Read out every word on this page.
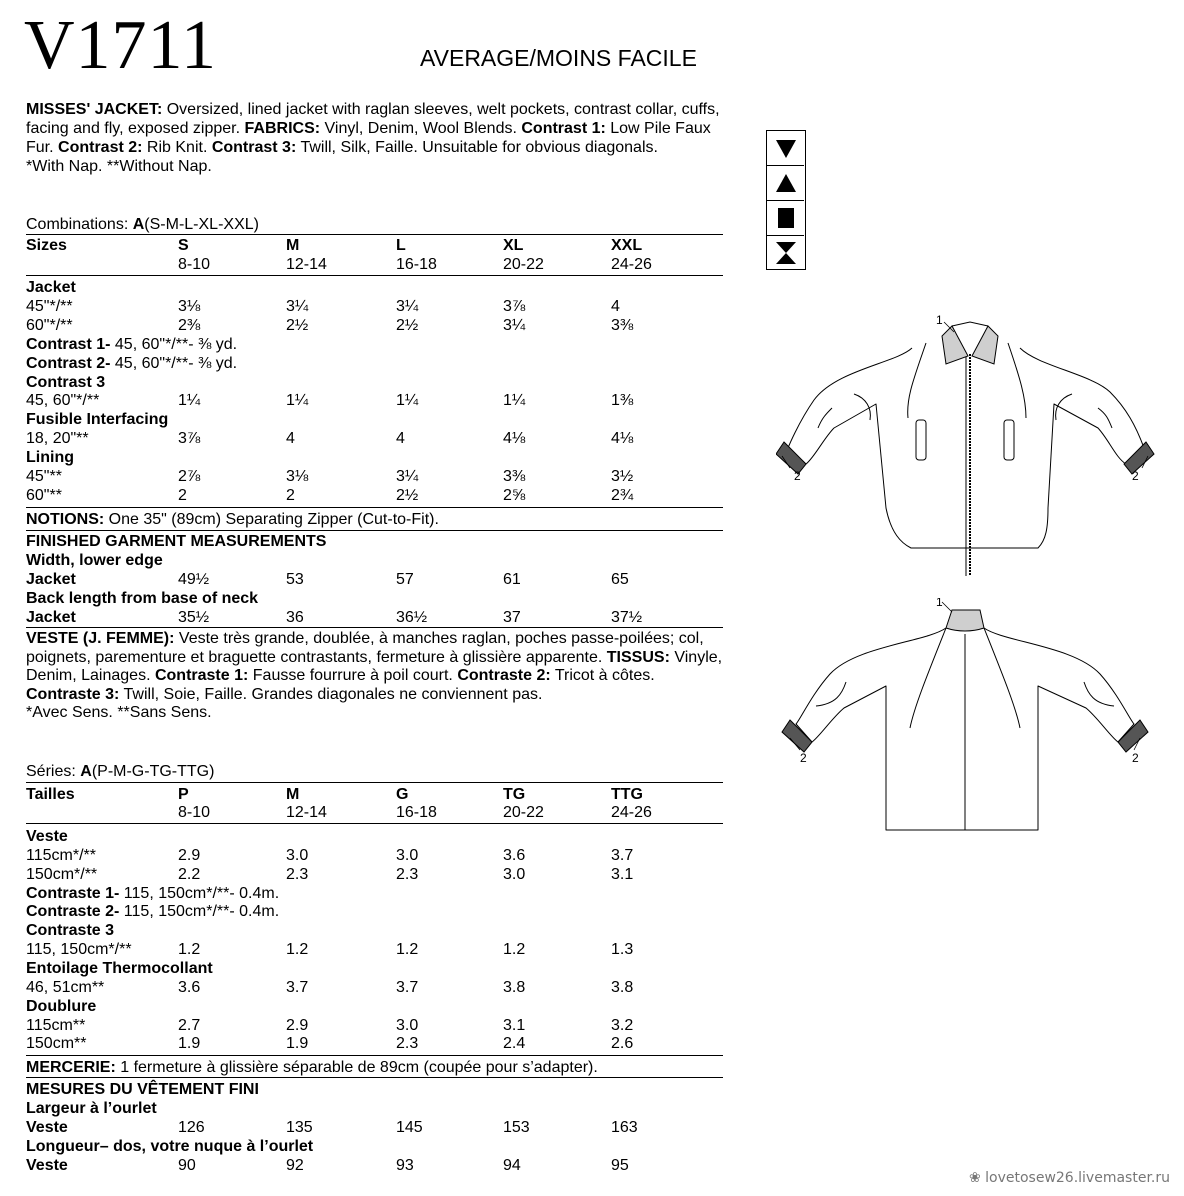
V1711	AVERAGE/MOINS FACILE
MISSES' JACKET: Oversized, lined jacket with raglan sleeves, welt pockets, contrast collar, cuffs, facing and fly, exposed zipper. FABRICS: Vinyl, Denim, Wool Blends. Contrast 1: Low Pile Faux Fur. Contrast 2: Rib Knit. Contrast 3: Twill, Silk, Faille. Unsuitable for obvious diagonals.
*With Nap. **Without Nap.
Combinations: A(S-M-L-XL-XXL)
Sizes	S	M	L	XL	XXL
8-10	12-14	16-18	20-22	24-26
Jacket
45"*/**	3⅛	3¼	3¼	3⅞	4
60"*/**	2⅜	2½	2½	3¼	3⅜
Contrast 1- 45, 60"*/**- ⅜ yd.
Contrast 2- 45, 60"*/**- ⅜ yd.
Contrast 3
45, 60"*/**	1¼	1¼	1¼	1¼	1⅜
Fusible Interfacing
18, 20"**	3⅞	4	4	4⅛	4⅛
Lining
45"**	2⅞	3⅛	3¼	3⅜	3½
60"**	2	2	2½	2⅝	2¾
NOTIONS: One 35" (89cm) Separating Zipper (Cut-to-Fit).
FINISHED GARMENT MEASUREMENTS
Width, lower edge
Jacket	49½	53	57	61	65
Back length from base of neck
Jacket	35½	36	36½	37	37½
VESTE (J. FEMME): Veste très grande, doublée, à manches raglan, poches passe-poilées; col, poignets, parementure et braguette contrastants, fermeture à glissière apparente. TISSUS: Vinyle, Denim, Lainages. Contraste 1: Fausse fourrure à poil court. Contraste 2: Tricot à côtes. Contraste 3: Twill, Soie, Faille. Grandes diagonales ne conviennent pas.
*Avec Sens. **Sans Sens.
Séries: A(P-M-G-TG-TTG)
Tailles	P	M	G	TG	TTG
8-10	12-14	16-18	20-22	24-26
Veste
115cm*/**	2.9	3.0	3.0	3.6	3.7
150cm*/**	2.2	2.3	2.3	3.0	3.1
Contraste 1- 115, 150cm*/**- 0.4m.
Contraste 2- 115, 150cm*/**- 0.4m.
Contraste 3
115, 150cm*/**	1.2	1.2	1.2	1.2	1.3
Entoilage Thermocollant
46, 51cm**	3.6	3.7	3.7	3.8	3.8
Doublure
115cm**	2.7	2.9	3.0	3.1	3.2
150cm**	1.9	1.9	2.3	2.4	2.6
MERCERIE: 1 fermeture à glissière séparable de 89cm (coupée pour s’adapter).
MESURES DU VÊTEMENT FINI
Largeur à l’ourlet
Veste	126	135	145	153	163
Longueur– dos, votre nuque à l’ourlet
Veste	90	92	93	94	95
1
2	2
1
2	2
❀ lovetosew26.livemaster.ru
